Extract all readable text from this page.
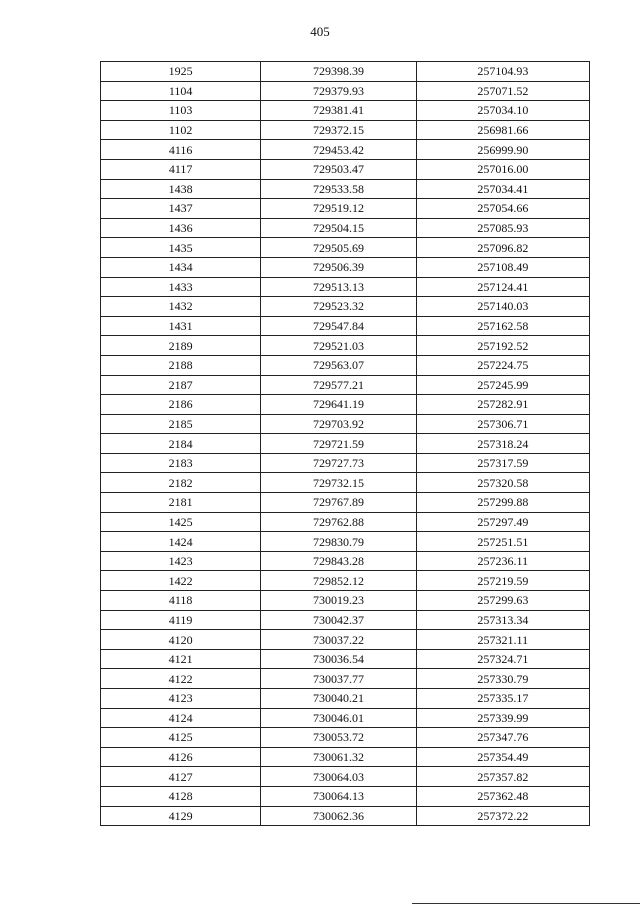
405
1925	729398.39	257104.93
1104	729379.93	257071.52
1103	729381.41	257034.10
1102	729372.15	256981.66
4116	729453.42	256999.90
4117	729503.47	257016.00
1438	729533.58	257034.41
1437	729519.12	257054.66
1436	729504.15	257085.93
1435	729505.69	257096.82
1434	729506.39	257108.49
1433	729513.13	257124.41
1432	729523.32	257140.03
1431	729547.84	257162.58
2189	729521.03	257192.52
2188	729563.07	257224.75
2187	729577.21	257245.99
2186	729641.19	257282.91
2185	729703.92	257306.71
2184	729721.59	257318.24
2183	729727.73	257317.59
2182	729732.15	257320.58
2181	729767.89	257299.88
1425	729762.88	257297.49
1424	729830.79	257251.51
1423	729843.28	257236.11
1422	729852.12	257219.59
4118	730019.23	257299.63
4119	730042.37	257313.34
4120	730037.22	257321.11
4121	730036.54	257324.71
4122	730037.77	257330.79
4123	730040.21	257335.17
4124	730046.01	257339.99
4125	730053.72	257347.76
4126	730061.32	257354.49
4127	730064.03	257357.82
4128	730064.13	257362.48
4129	730062.36	257372.22
